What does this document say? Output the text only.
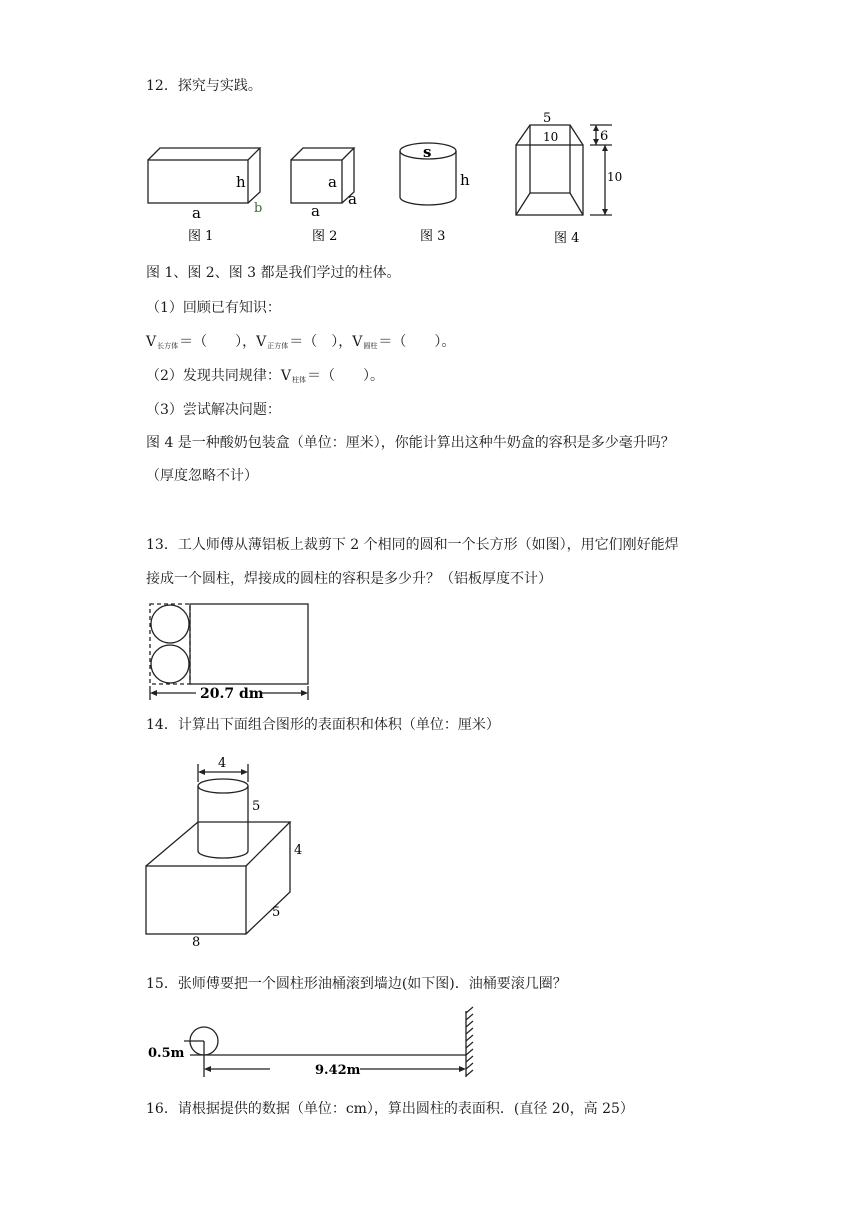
12．探究与实践。
h
a	b
图 1
a
a
a
图 2
s
h
图 3
5
10	6
10
图 4
图 1、图 2、图 3 都是我们学过的柱体。
（1）回顾已有知识：
$V_{长方体}=$（　　），$V_{正方体}=$（　），$V_{圆柱}=$（　　）。
（2）发现共同规律：$V_{柱体}=$（　　）。
（3）尝试解决问题：
图 4 是一种酸奶包装盒（单位：厘米），你能计算出这种牛奶盒的容积是多少毫升吗？
（厚度忽略不计）
13．工人师傅从薄铝板上裁剪下 2 个相同的圆和一个长方形（如图），用它们刚好能焊
接成一个圆柱，焊接成的圆柱的容积是多少升？（铝板厚度不计）
20.7 dm
14．计算出下面组合图形的表面积和体积（单位：厘米）
4
5
4
5
8
15．张师傅要把一个圆柱形油桶滚到墙边(如下图)．油桶要滚几圈？
0.5m
9.42m
16．请根据提供的数据（单位：cm），算出圆柱的表面积．(直径 20，高 25）
